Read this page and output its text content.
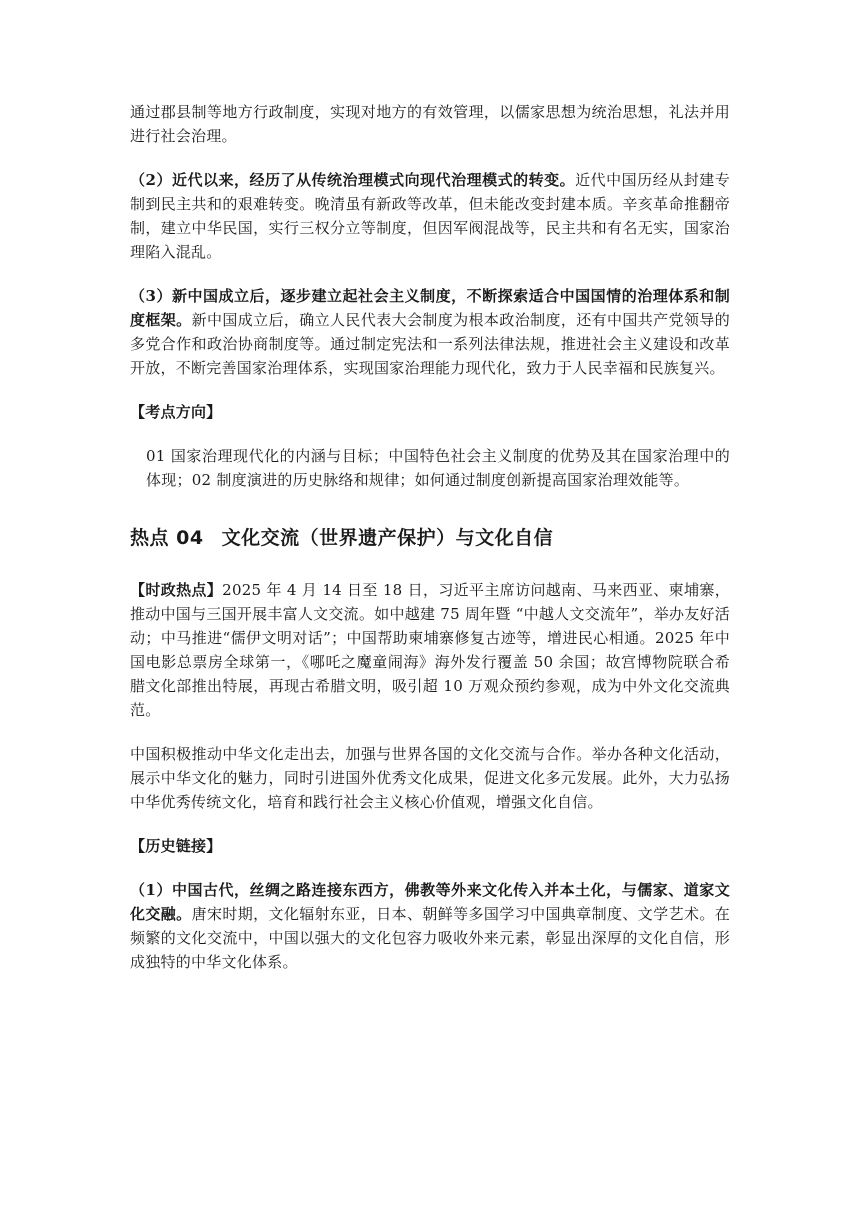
通过郡县制等地方行政制度，实现对地方的有效管理，以儒家思想为统治思想，礼法并用进行社会治理。

（2）近代以来，经历了从传统治理模式向现代治理模式的转变。近代中国历经从封建专制到民主共和的艰难转变。晚清虽有新政等改革，但未能改变封建本质。辛亥革命推翻帝制，建立中华民国，实行三权分立等制度，但因军阀混战等，民主共和有名无实，国家治理陷入混乱。

（3）新中国成立后，逐步建立起社会主义制度，不断探索适合中国国情的治理体系和制度框架。新中国成立后，确立人民代表大会制度为根本政治制度，还有中国共产党领导的多党合作和政治协商制度等。通过制定宪法和一系列法律法规，推进社会主义建设和改革开放，不断完善国家治理体系，实现国家治理能力现代化，致力于人民幸福和民族复兴。

【考点方向】

01 国家治理现代化的内涵与目标；中国特色社会主义制度的优势及其在国家治理中的体现；02 制度演进的历史脉络和规律；如何通过制度创新提高国家治理效能等。

热点 04 文化交流（世界遗产保护）与文化自信

【时政热点】2025 年 4 月 14 日至 18 日，习近平主席访问越南、马来西亚、柬埔寨，推动中国与三国开展丰富人文交流。如中越建 75 周年暨 “中越人文交流年”，举办友好活动；中马推进“儒伊文明对话”；中国帮助柬埔寨修复古迹等，增进民心相通。2025 年中国电影总票房全球第一，《哪吒之魔童闹海》海外发行覆盖 50 余国；故宫博物院联合希腊文化部推出特展，再现古希腊文明，吸引超 10 万观众预约参观，成为中外文化交流典范。

中国积极推动中华文化走出去，加强与世界各国的文化交流与合作。举办各种文化活动，展示中华文化的魅力，同时引进国外优秀文化成果，促进文化多元发展。此外，大力弘扬中华优秀传统文化，培育和践行社会主义核心价值观，增强文化自信。

【历史链接】

（1）中国古代，丝绸之路连接东西方，佛教等外来文化传入并本土化，与儒家、道家文化交融。唐宋时期，文化辐射东亚，日本、朝鲜等多国学习中国典章制度、文学艺术。在频繁的文化交流中，中国以强大的文化包容力吸收外来元素，彰显出深厚的文化自信，形成独特的中华文化体系。
